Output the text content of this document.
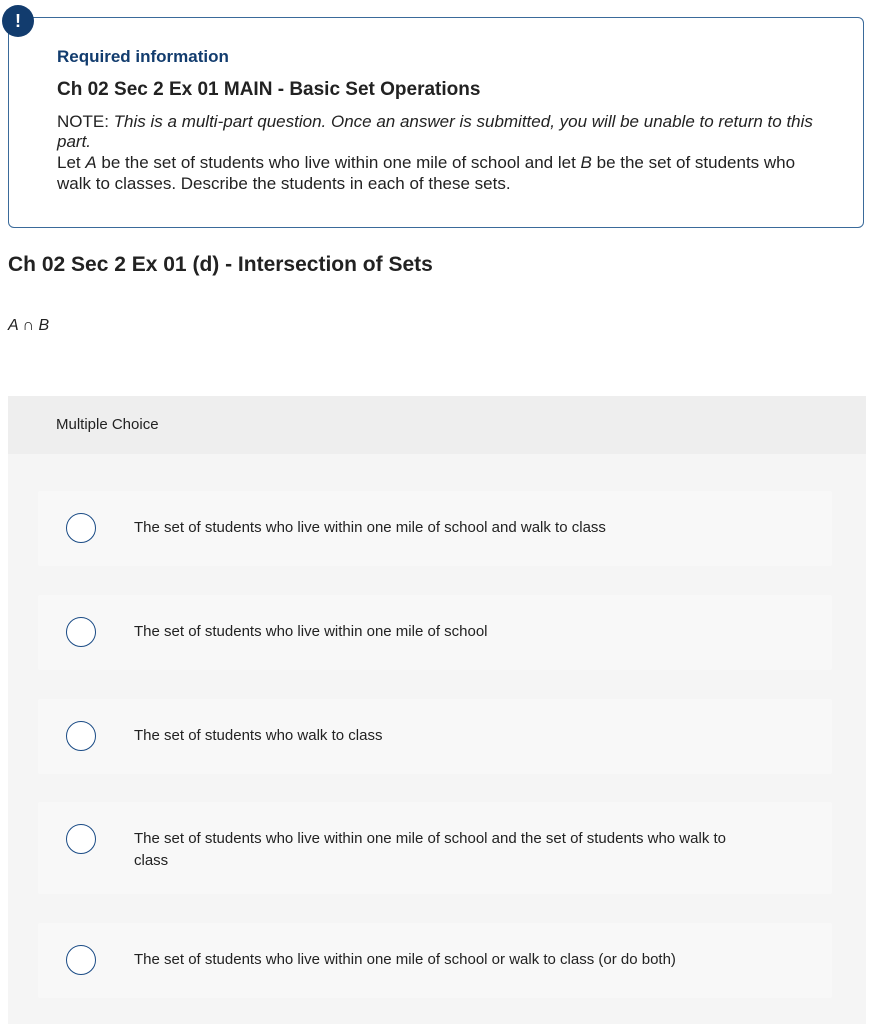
Required information
Ch 02 Sec 2 Ex 01 MAIN - Basic Set Operations

NOTE: This is a multi-part question. Once an answer is submitted, you will be unable to return to this part.

Let A be the set of students who live within one mile of school and let B be the set of students who walk to classes. Describe the students in each of these sets.

!
Ch 02 Sec 2 Ex 01 (d) - Intersection of Sets
A ∩ B
Multiple Choice
The set of students who live within one mile of school and walk to class
The set of students who live within one mile of school
The set of students who walk to class
The set of students who live within one mile of school and the set of students who walk to class
The set of students who live within one mile of school or walk to class (or do both)
